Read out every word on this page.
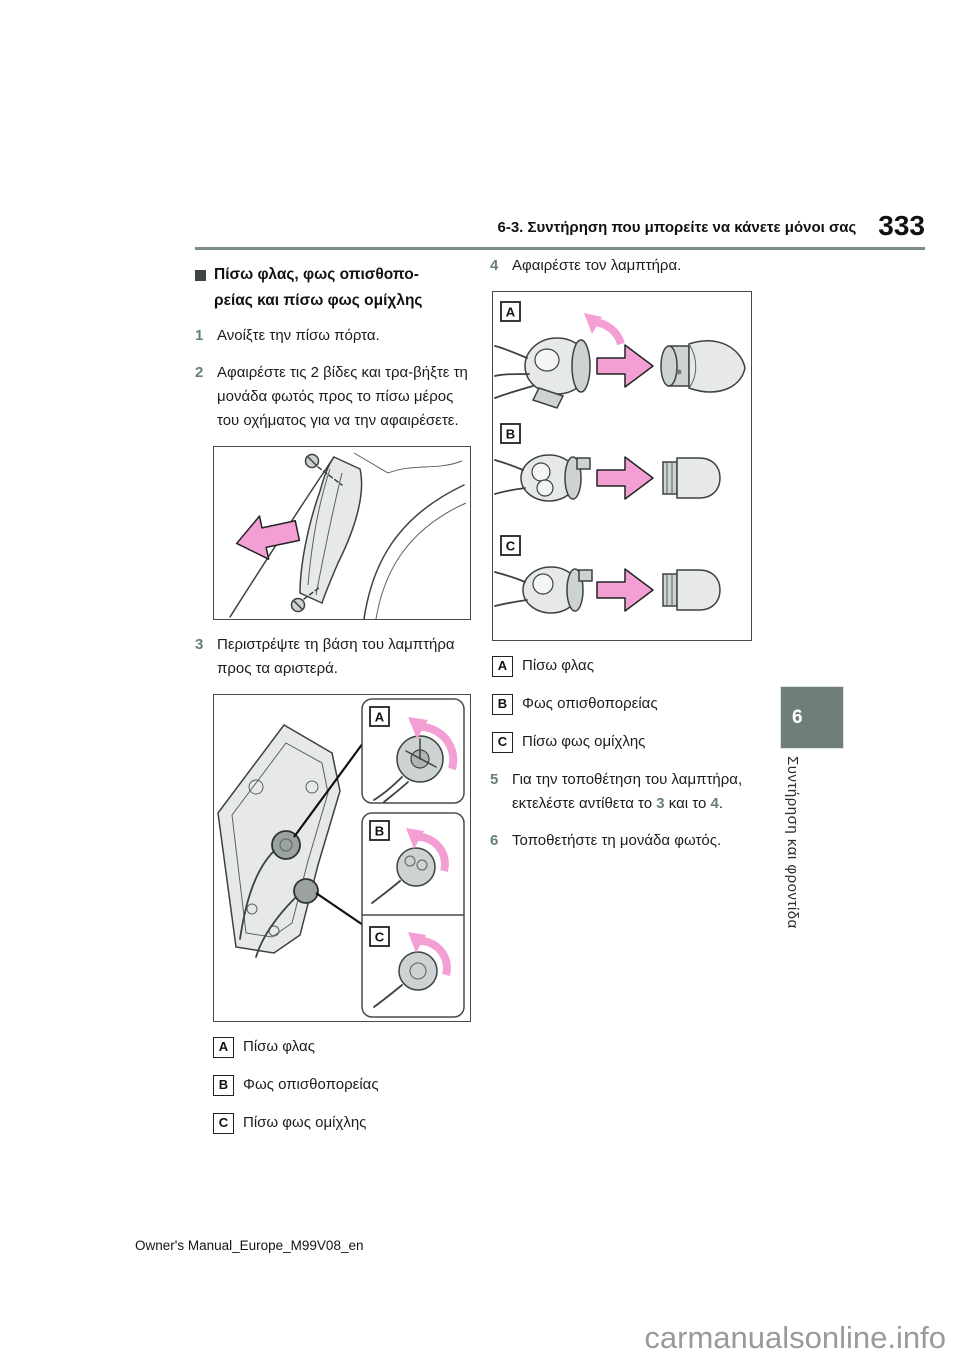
6-3. Συντήρηση που μπορείτε να κάνετε μόνοι σας 333
Πίσω φλας, φως οπισθοπο-
ρείας και πίσω φως ομίχλης
1 Ανοίξτε την πίσω πόρτα.
2 Αφαιρέστε τις 2 βίδες και τρα-βήξτε τη μονάδα φωτός προς το πίσω μέρος του οχήματος για να την αφαιρέσετε.
3 Περιστρέψτε τη βάση του λαμπτήρα προς τα αριστερά.
A
B
C
A Πίσω φλας
B Φως οπισθοπορείας
C Πίσω φως ομίχλης
4 Αφαιρέστε τον λαμπτήρα.
A
B
C
A Πίσω φλας
B Φως οπισθοπορείας
C Πίσω φως ομίχλης
5 Για την τοποθέτηση του λαμπτήρα, εκτελέστε αντίθετα το 3 και το 4.
6 Τοποθετήστε τη μονάδα φωτός.
6
Συντήρηση και φροντίδα
Owner's Manual_Europe_M99V08_en
carmanualsonline.info
